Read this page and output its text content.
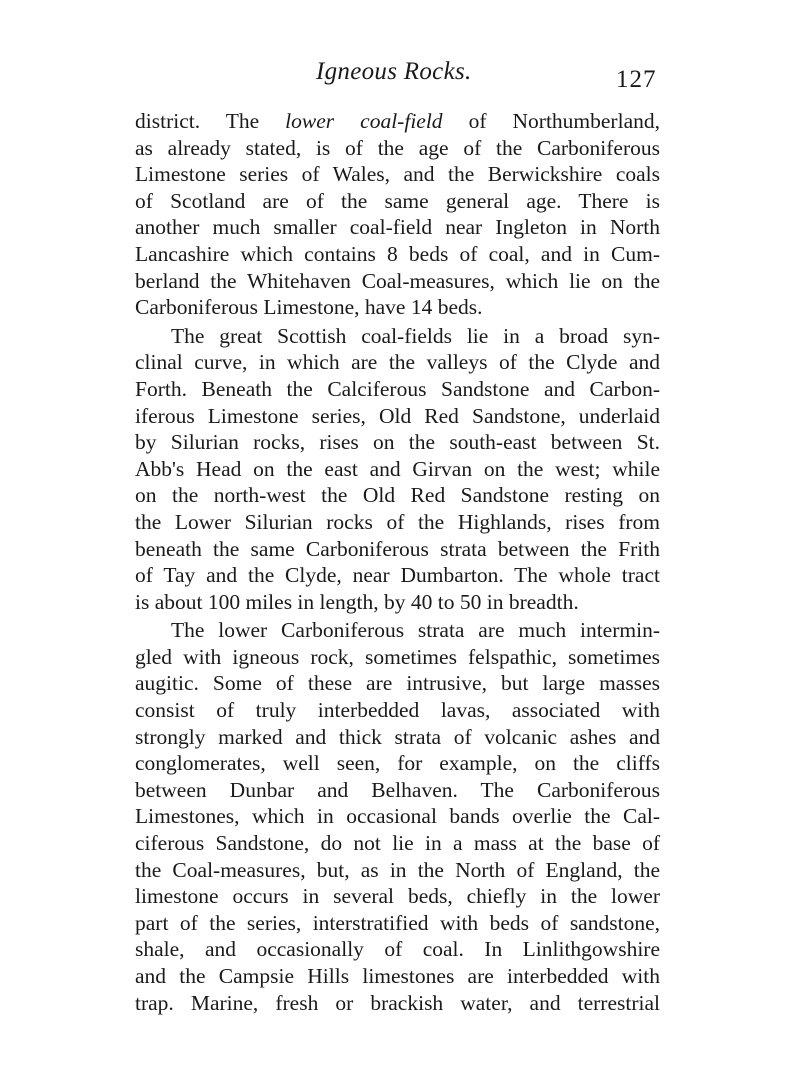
Igneous Rocks.	127
district. The lower coal-field of Northumberland,
as already stated, is of the age of the Carboniferous
Limestone series of Wales, and the Berwickshire coals
of Scotland are of the same general age. There is
another much smaller coal-field near Ingleton in North
Lancashire which contains 8 beds of coal, and in Cum-
berland the Whitehaven Coal-measures, which lie on the
Carboniferous Limestone, have 14 beds.
The great Scottish coal-fields lie in a broad syn-
clinal curve, in which are the valleys of the Clyde and
Forth. Beneath the Calciferous Sandstone and Carbon-
iferous Limestone series, Old Red Sandstone, underlaid
by Silurian rocks, rises on the south-east between St.
Abb's Head on the east and Girvan on the west; while
on the north-west the Old Red Sandstone resting on
the Lower Silurian rocks of the Highlands, rises from
beneath the same Carboniferous strata between the Frith
of Tay and the Clyde, near Dumbarton. The whole tract
is about 100 miles in length, by 40 to 50 in breadth.
The lower Carboniferous strata are much intermin-
gled with igneous rock, sometimes felspathic, sometimes
augitic. Some of these are intrusive, but large masses
consist of truly interbedded lavas, associated with
strongly marked and thick strata of volcanic ashes and
conglomerates, well seen, for example, on the cliffs
between Dunbar and Belhaven. The Carboniferous
Limestones, which in occasional bands overlie the Cal-
ciferous Sandstone, do not lie in a mass at the base of
the Coal-measures, but, as in the North of England, the
limestone occurs in several beds, chiefly in the lower
part of the series, interstratified with beds of sandstone,
shale, and occasionally of coal. In Linlithgowshire
and the Campsie Hills limestones are interbedded with
trap. Marine, fresh or brackish water, and terrestrial
